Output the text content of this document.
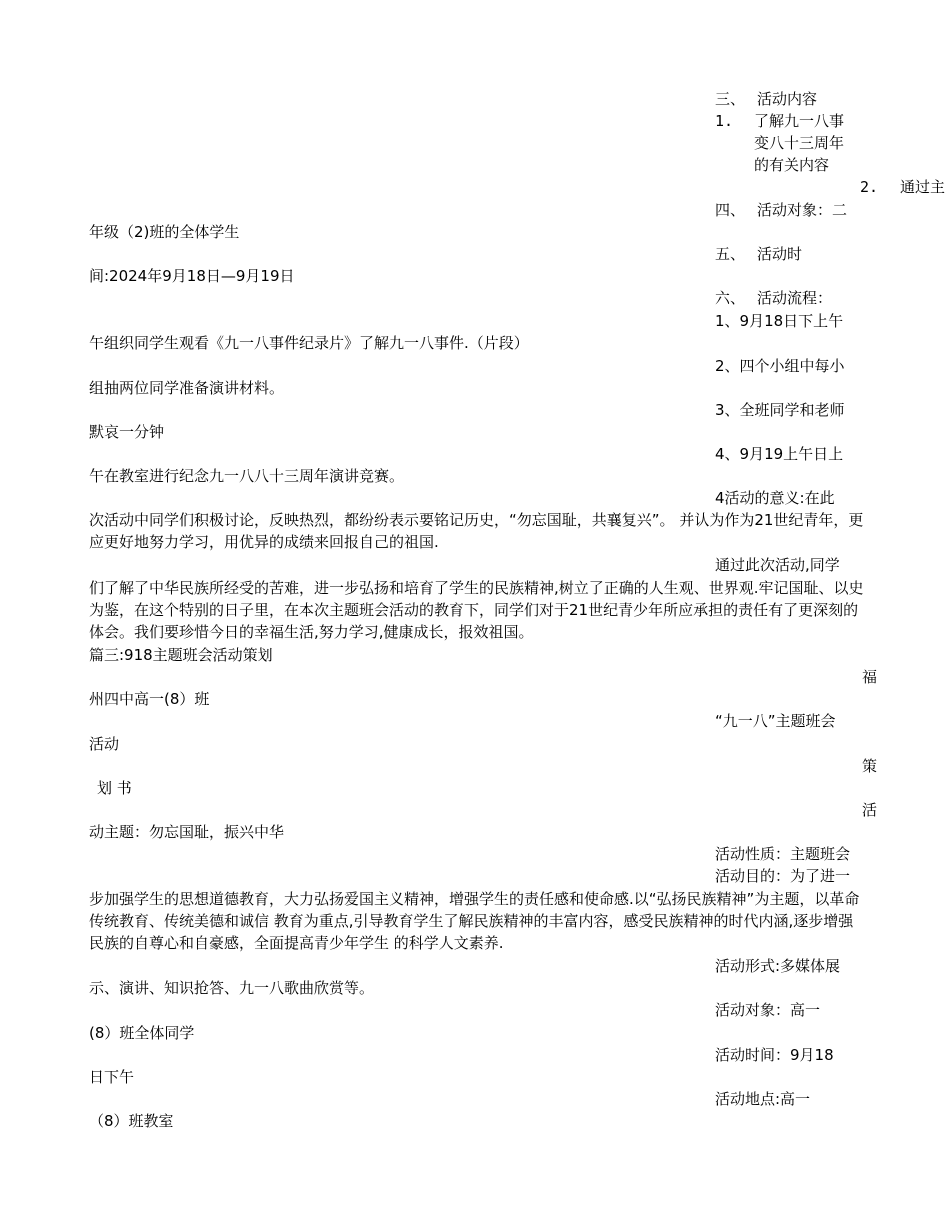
三、 活动内容
1. 了解九一八事
变八十三周年
的有关内容
2. 通过主
四、 活动对象：二
五、 活动时
六、 活动流程：
1、9月18日下上午
2、四个小组中每小
3、全班同学和老师
4、9月19上午日上
4活动的意义:在此
通过此次活动,同学
福
“九一八”主题班会
策
活
活动性质：主题班会
活动目的：为了进一
活动形式:多媒体展
活动对象：高一
活动时间：9月18
活动地点:高一
年级（2)班的全体学生
间:2024年9月18日—9月19日
午组织同学生观看《九一八事件纪录片》了解九一八事件.（片段）
组抽两位同学准备演讲材料。
默哀一分钟
午在教室进行纪念九一八八十三周年演讲竞赛。
次活动中同学们积极讨论，反映热烈，都纷纷表示要铭记历史，“勿忘国耻，共襄复兴”。 并认为作为21世纪青年，更应更好地努力学习，用优异的成绩来回报自己的祖国.
们了解了中华民族所经受的苦难，进一步弘扬和培育了学生的民族精神,树立了正确的人生观、世界观.牢记国耻、以史为鉴，在这个特别的日子里，在本次主题班会活动的教育下，同学们对于21世纪青少年所应承担的责任有了更深刻的体会。我们要珍惜今日的幸福生活,努力学习,健康成长，报效祖国。
篇三:918主题班会活动策划
州四中高一(8）班
活动
划 书
动主题：勿忘国耻，振兴中华
步加强学生的思想道德教育，大力弘扬爱国主义精神，增强学生的责任感和使命感.以“弘扬民族精神”为主题，以革命传统教育、传统美德和诚信 教育为重点,引导教育学生了解民族精神的丰富内容，感受民族精神的时代内涵,逐步增强民族的自尊心和自豪感，全面提高青少年学生 的科学人文素养.
示、演讲、知识抢答、九一八歌曲欣赏等。
(8）班全体同学
日下午
（8）班教室
